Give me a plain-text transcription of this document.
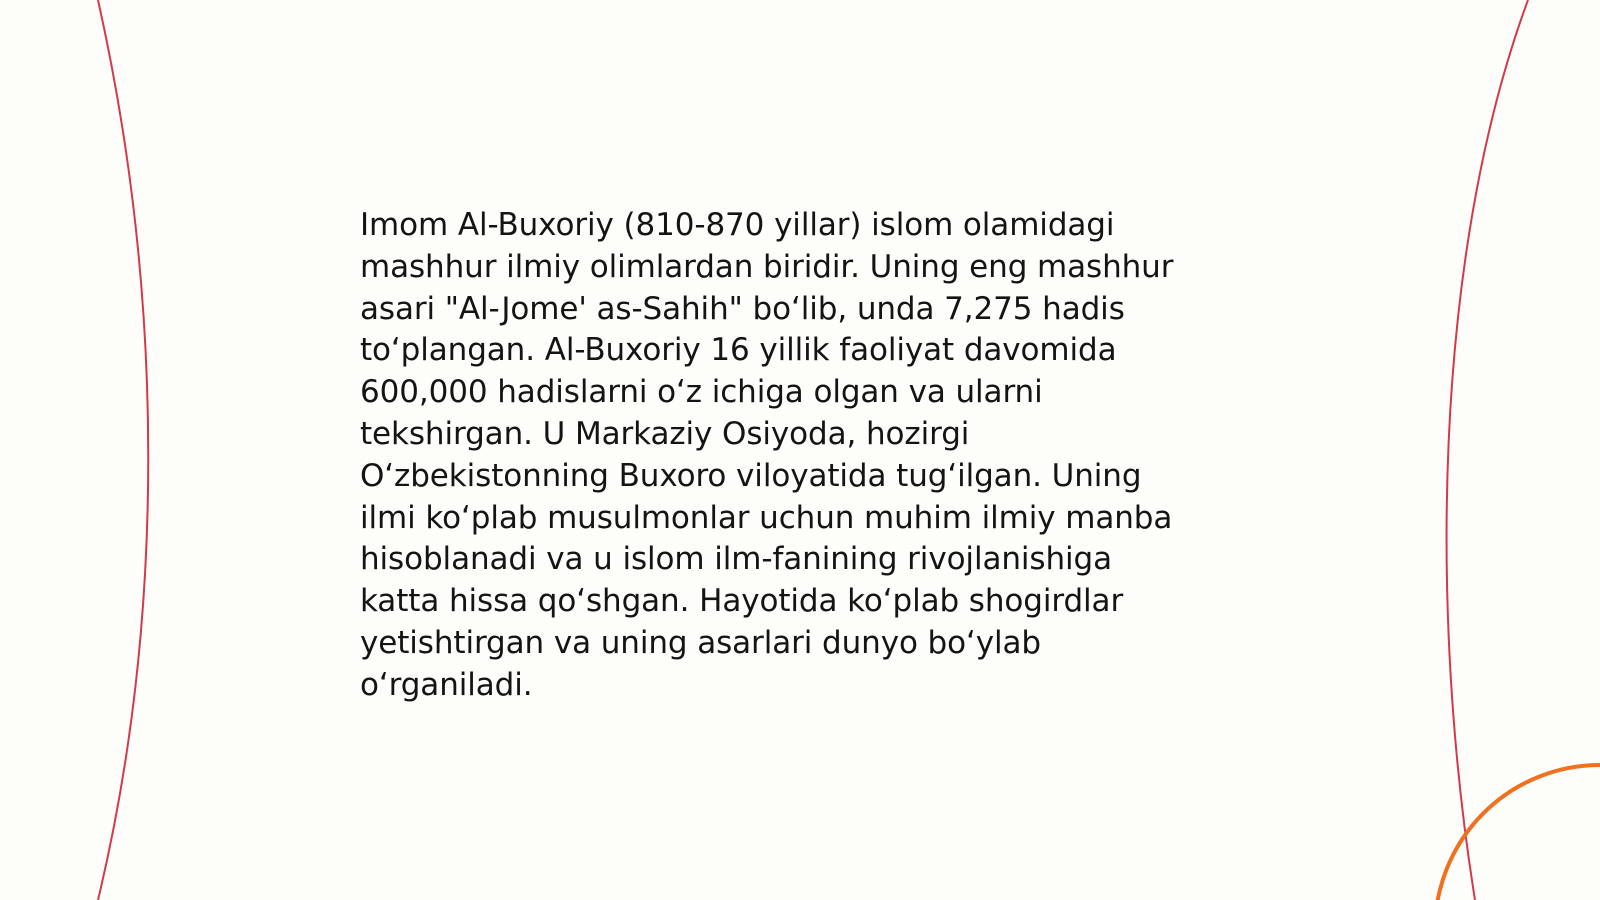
Imom Al-Buxoriy (810-870 yillar) islom olamidagi
mashhur ilmiy olimlardan biridir. Uning eng mashhur
asari "Al-Jome' as-Sahih" bo‘lib, unda 7,275 hadis
to‘plangan. Al-Buxoriy 16 yillik faoliyat davomida
600,000 hadislarni o‘z ichiga olgan va ularni
tekshirgan. U Markaziy Osiyoda, hozirgi
O‘zbekistonning Buxoro viloyatida tug‘ilgan. Uning
ilmi ko‘plab musulmonlar uchun muhim ilmiy manba
hisoblanadi va u islom ilm-fanining rivojlanishiga
katta hissa qo‘shgan. Hayotida ko‘plab shogirdlar
yetishtirgan va uning asarlari dunyo bo‘ylab
o‘rganiladi.
